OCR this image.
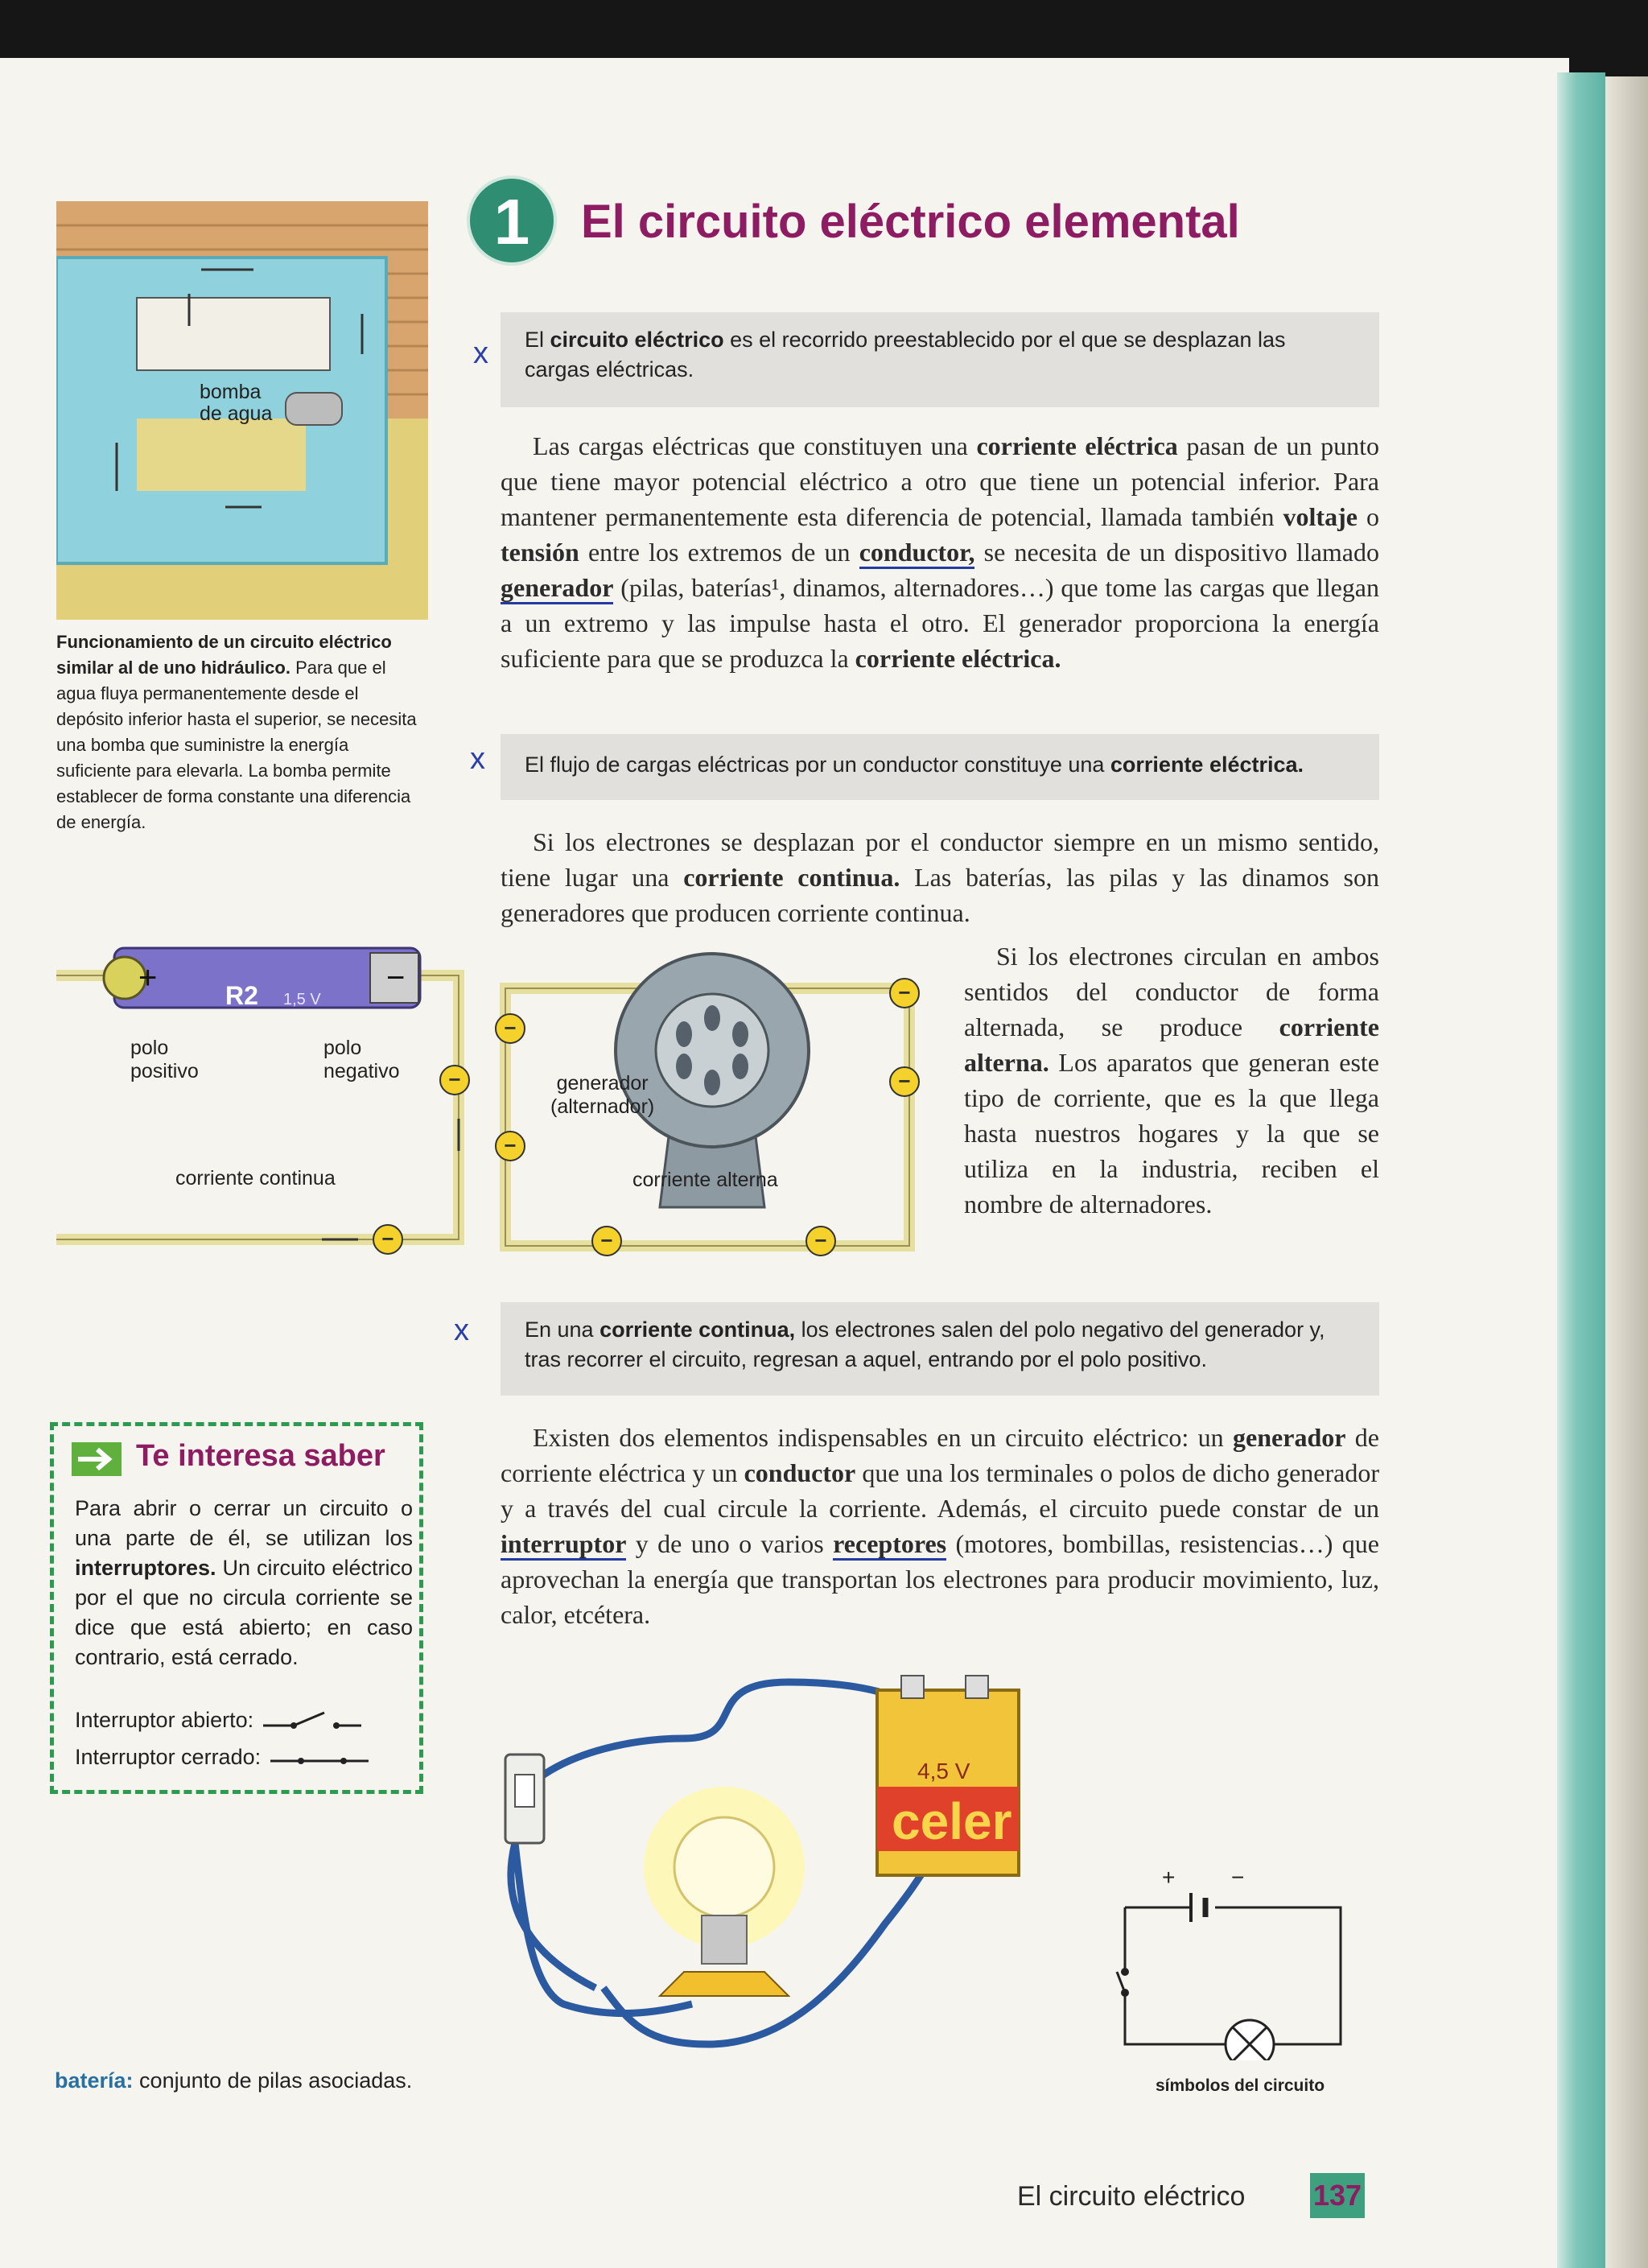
1	El circuito eléctrico elemental
x	El circuito eléctrico es el recorrido preestablecido por el que se desplazan las cargas eléctricas.

Las cargas eléctricas que constituyen una corriente eléctrica pasan de un punto que tiene mayor potencial eléctrico a otro que tiene un potencial inferior. Para mantener permanentemente esta diferencia de potencial, llamada también voltaje o tensión entre los extremos de un conductor, se necesita de un dispositivo llamado generador (pilas, baterías¹, dinamos, alternadores…) que tome las cargas que llegan a un extremo y las impulse hasta el otro. El generador proporciona la energía suficiente para que se produzca la corriente eléctrica.

x	El flujo de cargas eléctricas por un conductor constituye una corriente eléctrica.

Si los electrones se desplazan por el conductor siempre en un mismo sentido, tiene lugar una corriente continua. Las baterías, las pilas y las dinamos son generadores que producen corriente continua.

Si los electrones circulan en ambos sentidos del conductor de forma alternada, se produce corriente alterna. Los aparatos que generan este tipo de corriente, que es la que llega hasta nuestros hogares y la que se utiliza en la industria, reciben el nombre de alternadores.

x	En una corriente continua, los electrones salen del polo negativo del generador y, tras recorrer el circuito, regresan a aquel, entrando por el polo positivo.

Existen dos elementos indispensables en un circuito eléctrico: un generador de corriente eléctrica y un conductor que una los terminales o polos de dicho generador y a través del cual circule la corriente. Además, el circuito puede constar de un interruptor y de uno o varios receptores (motores, bombillas, resistencias…) que aprovechan la energía que transportan los electrones para producir movimiento, luz, calor, etcétera.

bomba
de agua

Funcionamiento de un circuito eléctrico similar al de uno hidráulico. Para que el agua fluya permanentemente desde el depósito inferior hasta el superior, se necesita una bomba que suministre la energía suficiente para elevarla. La bomba permite establecer de forma constante una diferencia de energía.

+	−
R2 1,5 V
−
−
polo
positivo
polo
negativo
corriente continua
−
−
−
−
−	−
generador
(alternador)
corriente alterna
Te interesa saber

Para abrir o cerrar un circuito o una parte de él, se utilizan los interruptores. Un circuito eléctrico por el que no circula corriente se dice que está abierto; en caso contrario, está cerrado.

Interruptor abierto:
Interruptor cerrado:
batería: conjunto de pilas asociadas.
4,5 V
celer
+ −
símbolos del circuito
El circuito eléctrico 137
